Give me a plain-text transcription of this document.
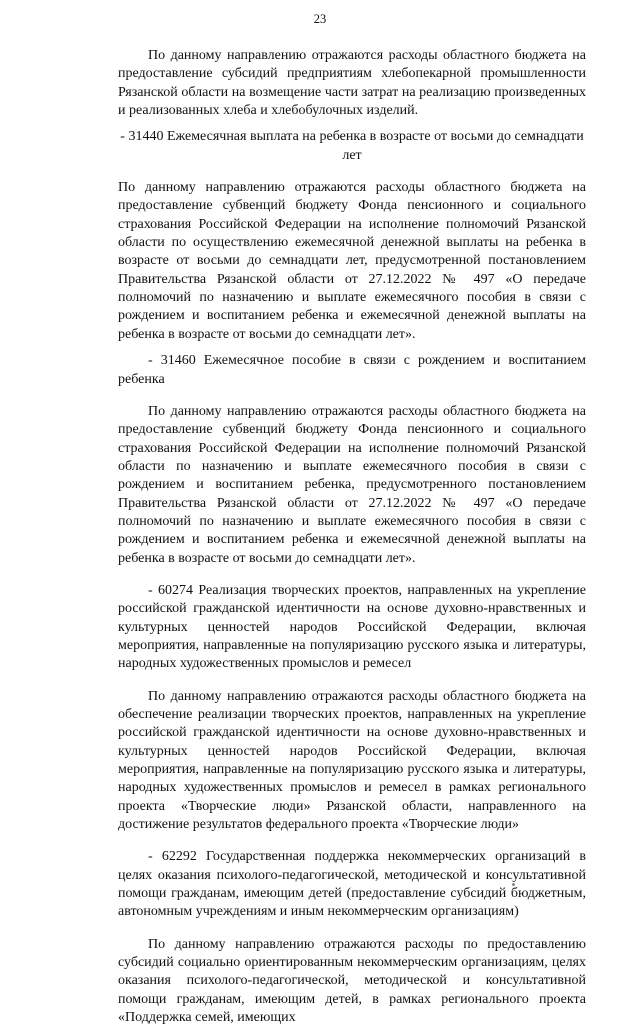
23

По данному направлению отражаются расходы областного бюджета на предоставление субсидий предприятиям хлебопекарной промышленности Рязанской области на возмещение части затрат на реализацию произведенных и реализованных хлеба и хлебобулочных изделий.

- 31440 Ежемесячная выплата на ребенка в возрасте от восьми до семнадцати лет

По данному направлению отражаются расходы областного бюджета на предоставление субвенций бюджету Фонда пенсионного и социального страхования Российской Федерации на исполнение полномочий Рязанской области по осуществлению ежемесячной денежной выплаты на ребенка в возрасте от восьми до семнадцати лет, предусмотренной постановлением Правительства Рязанской области от 27.12.2022 № 497 «О передаче полномочий по назначению и выплате ежемесячного пособия в связи с рождением и воспитанием ребенка и ежемесячной денежной выплаты на ребенка в возрасте от восьми до семнадцати лет».

- 31460 Ежемесячное пособие в связи с рождением и воспитанием ребенка

По данному направлению отражаются расходы областного бюджета на предоставление субвенций бюджету Фонда пенсионного и социального страхования Российской Федерации на исполнение полномочий Рязанской области по назначению и выплате ежемесячного пособия в связи с рождением и воспитанием ребенка, предусмотренного постановлением Правительства Рязанской области от 27.12.2022 № 497 «О передаче полномочий по назначению и выплате ежемесячного пособия в связи с рождением и воспитанием ребенка и ежемесячной денежной выплаты на ребенка в возрасте от восьми до семнадцати лет».

- 60274 Реализация творческих проектов, направленных на укрепление российской гражданской идентичности на основе духовно-нравственных и культурных ценностей народов Российской Федерации, включая мероприятия, направленные на популяризацию русского языка и литературы, народных художественных промыслов и ремесел

По данному направлению отражаются расходы областного бюджета на обеспечение реализации творческих проектов, направленных на укрепление российской гражданской идентичности на основе духовно-нравственных и культурных ценностей народов Российской Федерации, включая мероприятия, направленные на популяризацию русского языка и литературы, народных художественных промыслов и ремесел в рамках регионального проекта «Творческие люди» Рязанской области, направленного на достижение результатов федерального проекта «Творческие люди»

- 62292 Государственная поддержка некоммерческих организаций в целях оказания психолого-педагогической, методической и консультативной помощи гражданам, имеющим детей (предоставление субсидий бюджетным, автономным учреждениям и иным некоммерческим организациям)

По данному направлению отражаются расходы по предоставлению субсидий социально ориентированным некоммерческим организациям, целях оказания психолого-педагогической, методической и консультативной помощи гражданам, имеющим детей, в рамках регионального проекта «Поддержка семей, имеющих
